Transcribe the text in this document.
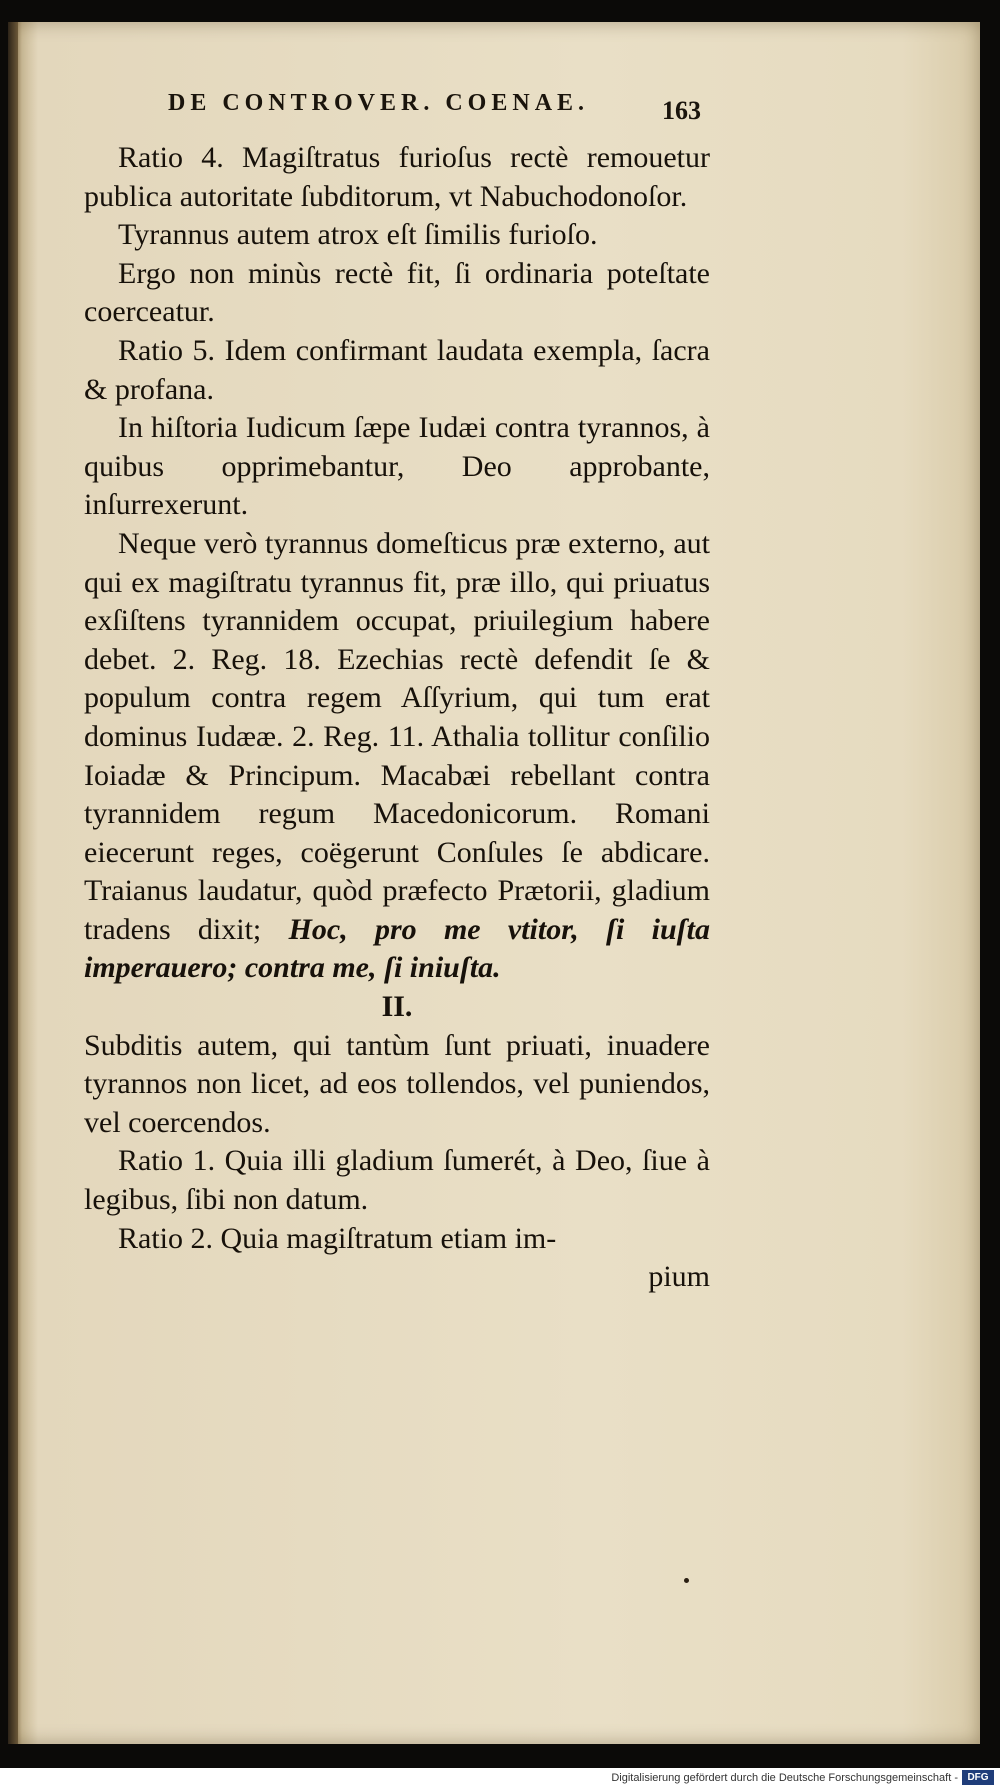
DE CONTROVER. COENAE.	163

Ratio 4. Magiſtratus furioſus rectè remouetur publica autoritate ſubditorum, vt Nabuchodonoſor.

Tyrannus autem atrox eſt ſimilis furioſo.

Ergo non minùs rectè fit, ſi ordinaria poteſtate coerceatur.

Ratio 5. Idem confirmant laudata exempla, ſacra & profana.

In hiſtoria Iudicum ſæpe Iudæi contra tyrannos, à quibus opprimebantur, Deo approbante, inſurrexerunt.

Neque verò tyrannus domeſticus præ externo, aut qui ex magiſtratu tyrannus fit, præ illo, qui priuatus exſiſtens tyrannidem occupat, priuilegium habere debet. 2. Reg. 18. Ezechias rectè defendit ſe & populum contra regem Aſſyrium, qui tum erat dominus Iudææ. 2. Reg. 11. Athalia tollitur conſilio Ioiadæ & Principum. Macabæi rebellant contra tyrannidem regum Macedonicorum. Romani eiecerunt reges, coëgerunt Conſules ſe abdicare. Traianus laudatur, quòd præfecto Prætorii, gladium tradens dixit; Hoc, pro me vtitor, ſi iuſta imperauero; contra me, ſi iniuſta.

II.

Subditis autem, qui tantùm ſunt priuati, inuadere tyrannos non licet, ad eos tollendos, vel puniendos, vel coercendos.

Ratio 1. Quia illi gladium ſumerét, à Deo, ſiue à legibus, ſibi non datum.

Ratio 2. Quia magiſtratum etiam im-

pium

Digitalisierung gefördert durch die Deutsche Forschungsgemeinschaft - DFG
